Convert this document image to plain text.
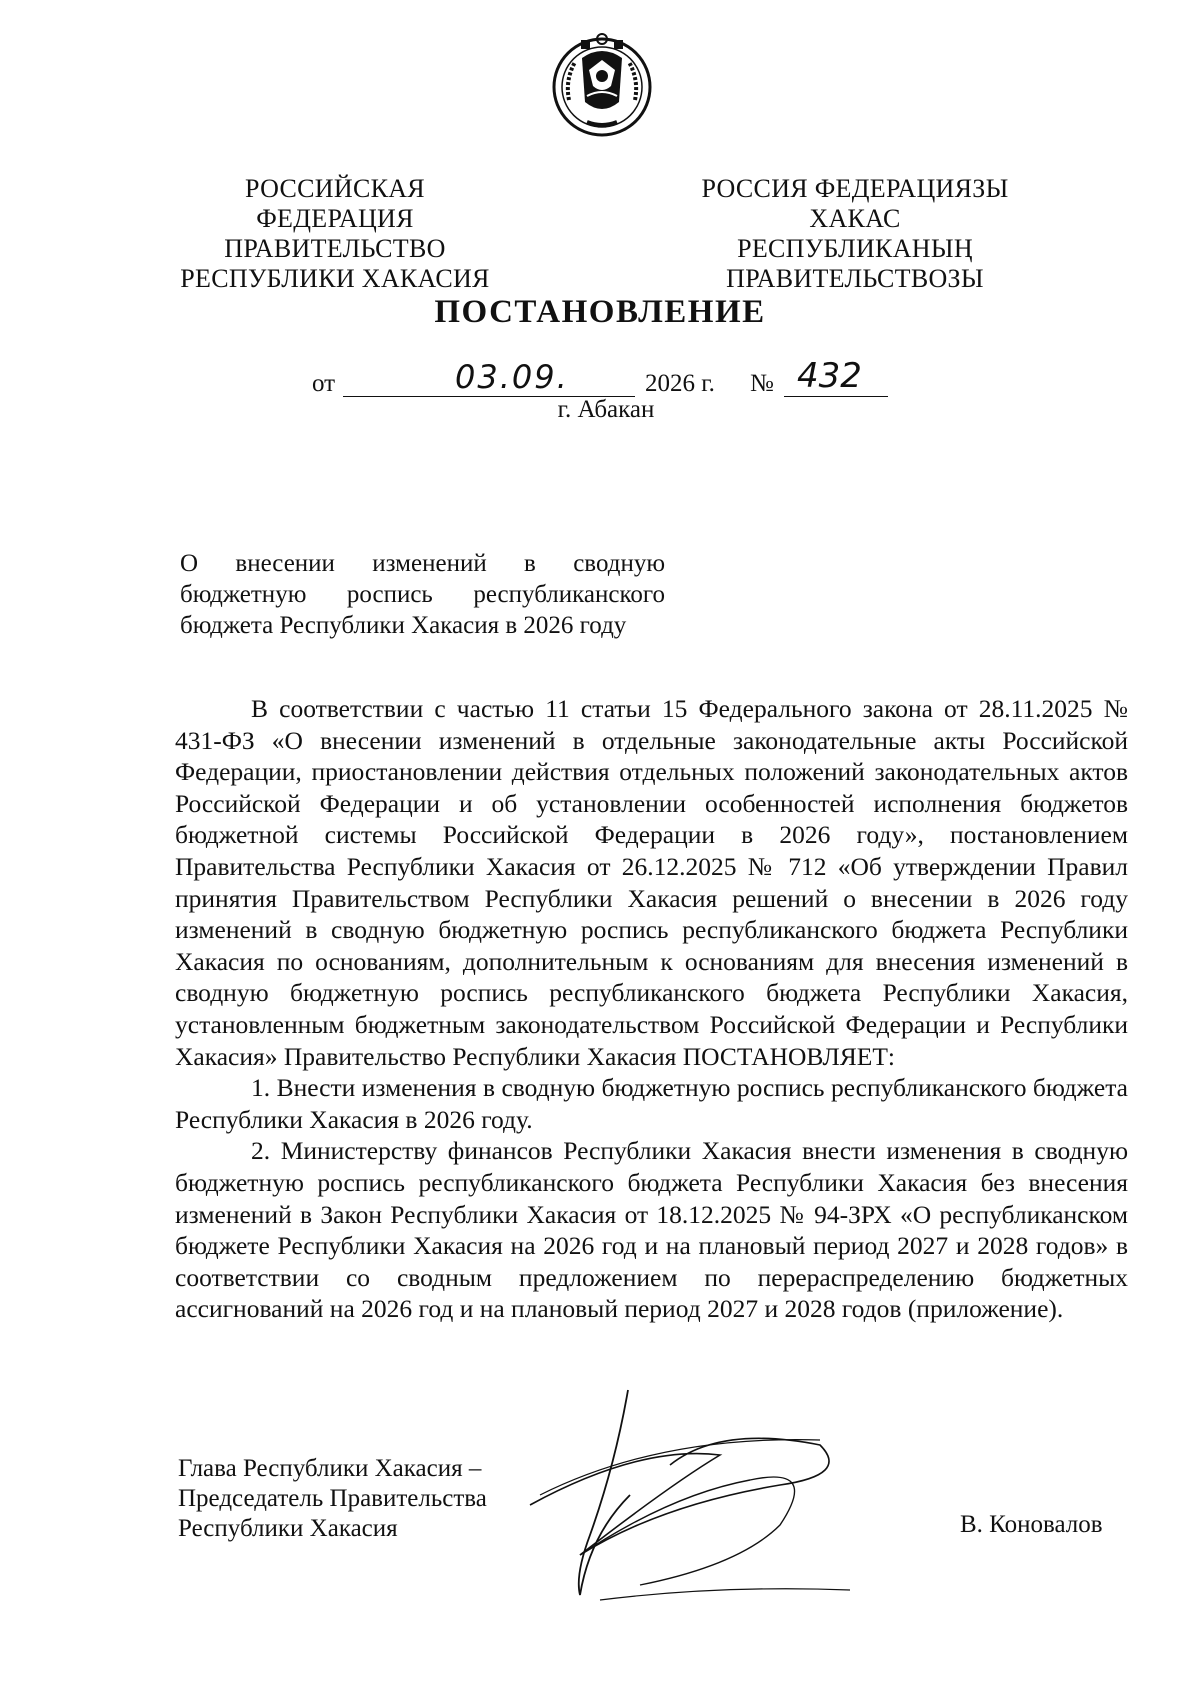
РОССИЙСКАЯ ФЕДЕРАЦИЯ
ПРАВИТЕЛЬСТВО
РЕСПУБЛИКИ ХАКАСИЯ
РОССИЯ ФЕДЕРАЦИЯЗЫ
ХАКАС РЕСПУБЛИКАНЫҢ
ПРАВИТЕЛЬСТВОЗЫ
ПОСТАНОВЛЕНИЕ
от	03.09.	2026 г. № 432
г. Абакан
О внесении изменений в сводную
бюджетную роспись республиканского
бюджета Республики Хакасия в 2026 году

В соответствии с частью 11 статьи 15 Федерального закона от 28.11.2025 № 431-ФЗ «О внесении изменений в отдельные законодательные акты Российской Федерации, приостановлении действия отдельных положений законодательных актов Российской Федерации и об установлении особенностей исполнения бюджетов бюджетной системы Российской Федерации в 2026 году», постановлением Правительства Республики Хакасия от 26.12.2025 № 712 «Об утверждении Правил принятия Правительством Республики Хакасия решений о внесении в 2026 году изменений в сводную бюджетную роспись республиканского бюджета Республики Хакасия по основаниям, дополнительным к основаниям для внесения изменений в сводную бюджетную роспись республиканского бюджета Республики Хакасия, установленным бюджетным законодательством Российской Федерации и Республики Хакасия» Правительство Республики Хакасия ПОСТАНОВЛЯЕТ:

1. Внести изменения в сводную бюджетную роспись республиканского бюджета Республики Хакасия в 2026 году.

2. Министерству финансов Республики Хакасия внести изменения в сводную бюджетную роспись республиканского бюджета Республики Хакасия без внесения изменений в Закон Республики Хакасия от 18.12.2025 № 94-ЗРХ «О республиканском бюджете Республики Хакасия на 2026 год и на плановый период 2027 и 2028 годов» в соответствии со сводным предложением по перераспределению бюджетных ассигнований на 2026 год и на плановый период 2027 и 2028 годов (приложение).

Глава Республики Хакасия –
Председатель Правительства
Республики Хакасия	В. Коновалов
